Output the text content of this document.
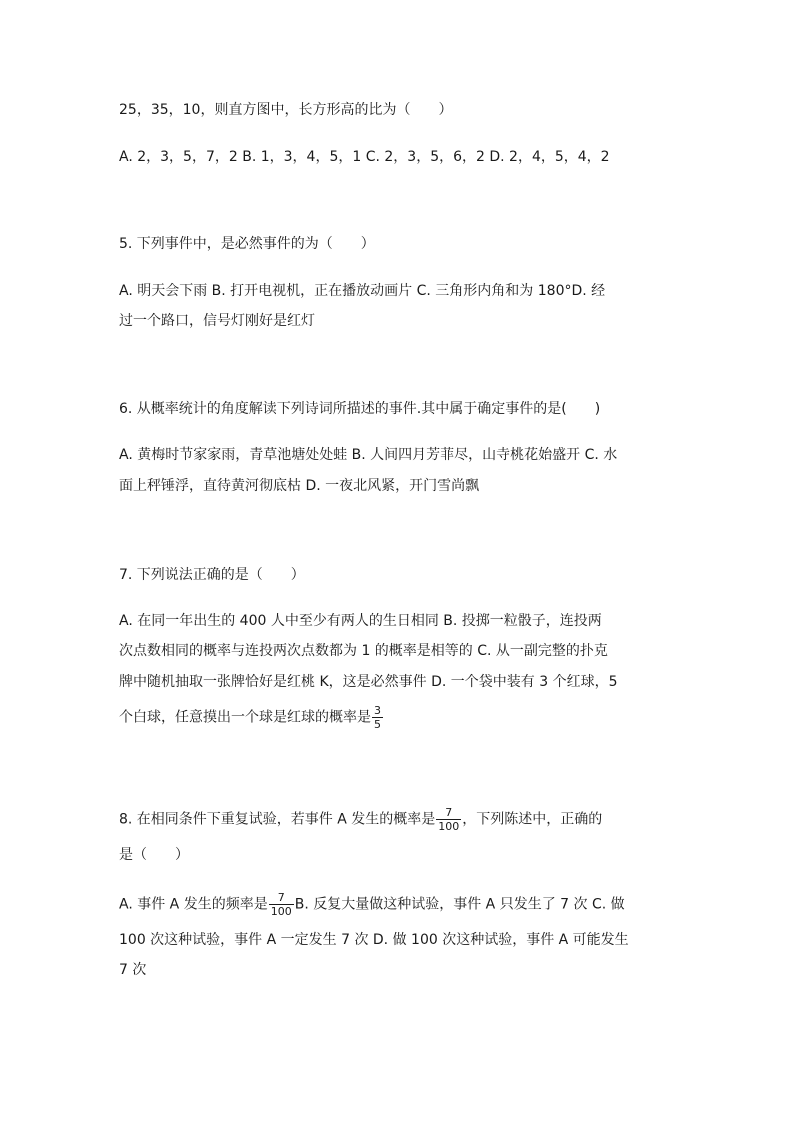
25，35，10，则直方图中，长方形高的比为（　　）
A. 2，3，5，7，2 B. 1，3，4，5，1 C. 2，3，5，6，2 D. 2，4，5，4，2
5. 下列事件中，是必然事件的为（　　）
A. 明天会下雨 B. 打开电视机，正在播放动画片 C. 三角形内角和为 180°D. 经
过一个路口，信号灯刚好是红灯
6. 从概率统计的角度解读下列诗词所描述的事件.其中属于确定事件的是(　　)
A. 黄梅时节家家雨，青草池塘处处蛙 B. 人间四月芳菲尽，山寺桃花始盛开 C. 水
面上秤锤浮，直待黄河彻底枯 D. 一夜北风紧，开门雪尚飘
7. 下列说法正确的是（　　）
A. 在同一年出生的 400 人中至少有两人的生日相同 B. 投掷一粒骰子，连投两
次点数相同的概率与连投两次点数都为 1 的概率是相等的 C. 从一副完整的扑克
牌中随机抽取一张牌恰好是红桃 K，这是必然事件 D. 一个袋中装有 3 个红球，5
个白球，任意摸出一个球是红球的概率是 $\frac{3}{5}$
8. 在相同条件下重复试验，若事件 A 发生的概率是 $\frac{7}{100}$ ，下列陈述中，正确的
是（　　）
A. 事件 A 发生的频率是 $\frac{7}{100} B$. 反复大量做这种试验，事件 A 只发生了 7 次 C. 做
100 次这种试验，事件 A 一定发生 7 次 D. 做 100 次这种试验，事件 A 可能发生
7 次
